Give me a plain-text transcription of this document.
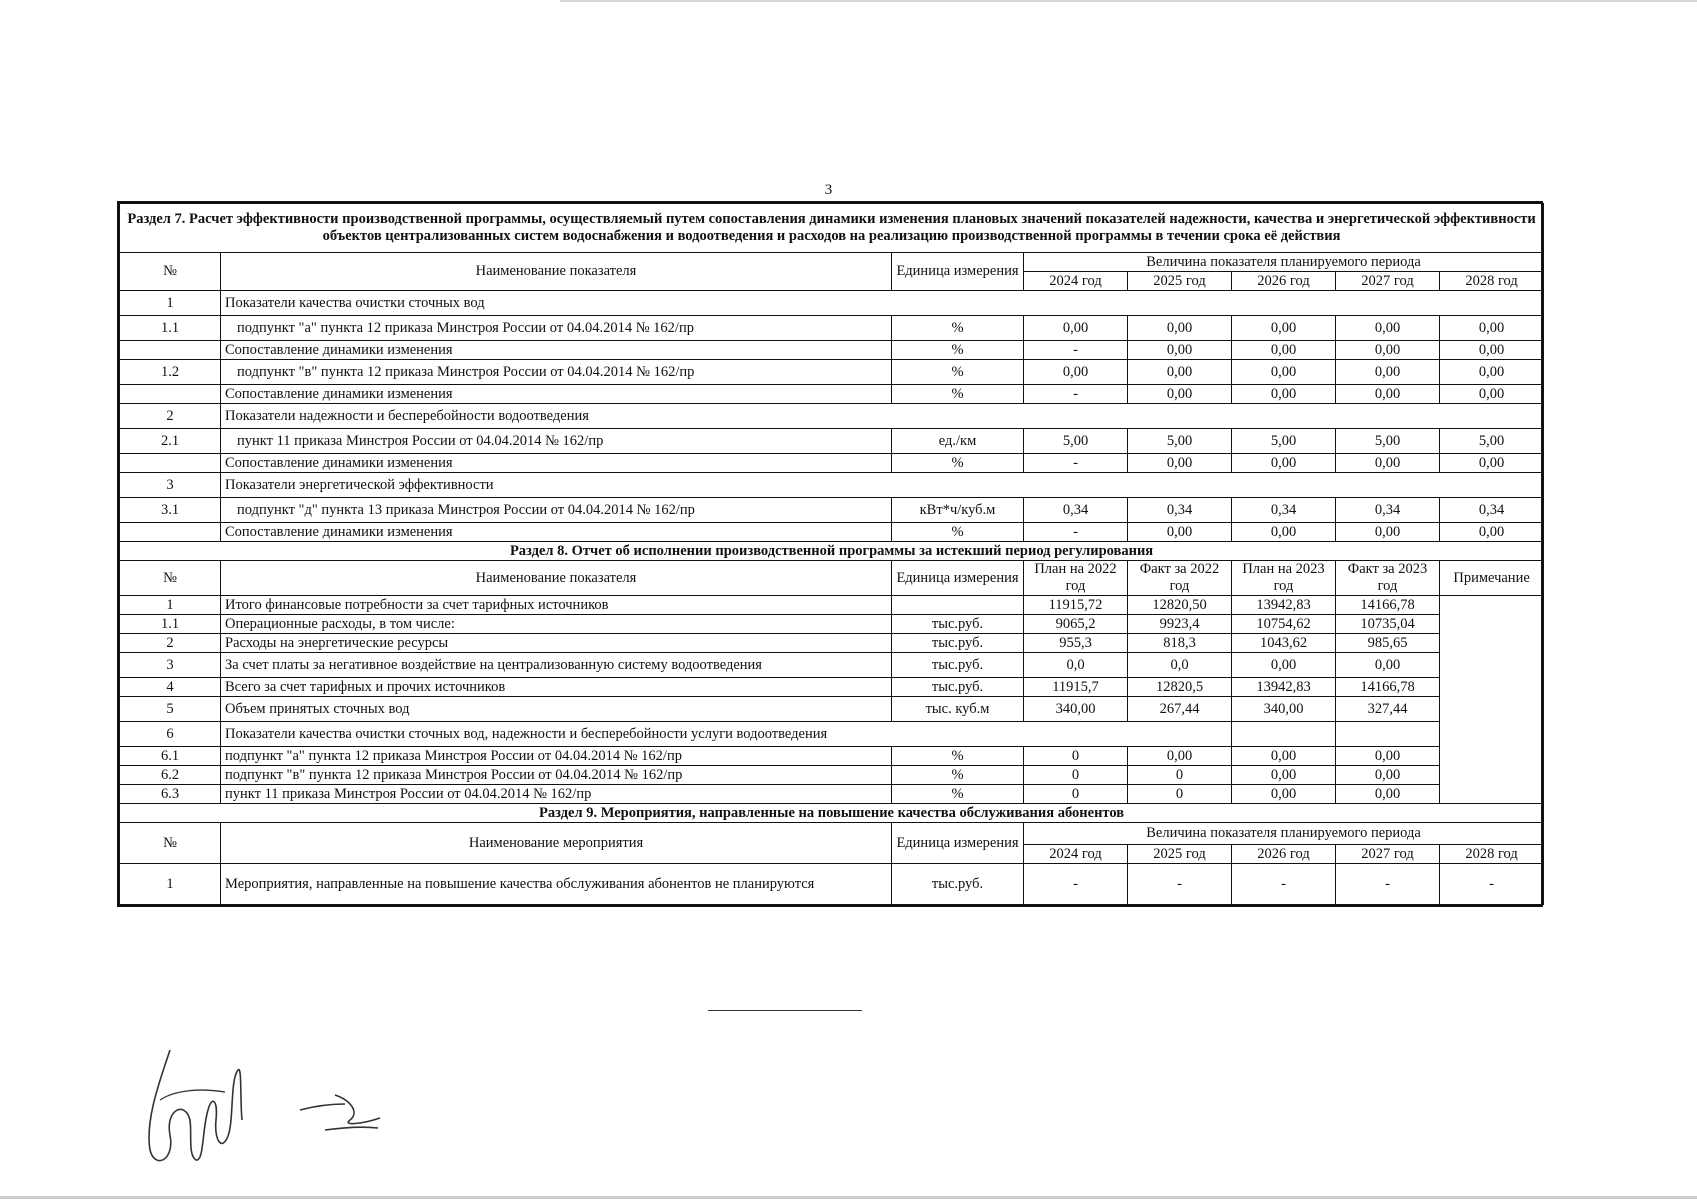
3
Раздел 7. Расчет эффективности производственной программы, осуществляемый путем сопоставления динамики изменения плановых значений показателей надежности, качества и энергетической эффективности объектов централизованных систем водоснабжения и водоотведения и расходов на реализацию производственной программы в течении срока её действия							
№	Наименование показателя	Единица измерения	Величина показателя планируемого периода				
			2024 год	2025 год	2026 год	2027 год	2028 год
1	Показатели качества очистки сточных вод						
1.1	подпункт "а" пункта 12 приказа Минстроя России от 04.04.2014 № 162/пр	%	0,00	0,00	0,00	0,00	0,00
	Сопоставление динамики изменения	%	-	0,00	0,00	0,00	0,00
1.2	подпункт "в" пункта 12 приказа Минстроя России от 04.04.2014 № 162/пр	%	0,00	0,00	0,00	0,00	0,00
	Сопоставление динамики изменения	%	-	0,00	0,00	0,00	0,00
2	Показатели надежности и бесперебойности водоотведения						
2.1	пункт 11 приказа Минстроя России от 04.04.2014 № 162/пр	ед./км	5,00	5,00	5,00	5,00	5,00
	Сопоставление динамики изменения	%	-	0,00	0,00	0,00	0,00
3	Показатели энергетической эффективности						
3.1	подпункт "д" пункта 13 приказа Минстроя России от 04.04.2014 № 162/пр	кВт*ч/куб.м	0,34	0,34	0,34	0,34	0,34
	Сопоставление динамики изменения	%	-	0,00	0,00	0,00	0,00
Раздел 8. Отчет об исполнении производственной программы за истекший период регулирования							
№	Наименование показателя	Единица измерения	План на 2022 год	Факт за 2022 год	План на 2023 год	Факт за 2023 год	Примечание
1	Итого финансовые потребности за счет тарифных источников		11915,72	12820,50	13942,83	14166,78	
1.1	Операционные расходы, в том числе:	тыс.руб.	9065,2	9923,4	10754,62	10735,04	
2	Расходы на энергетические ресурсы	тыс.руб.	955,3	818,3	1043,62	985,65	
3	За счет платы за негативное воздействие на централизованную систему водоотведения	тыс.руб.	0,0	0,0	0,00	0,00	
4	Всего за счет тарифных и прочих источников	тыс.руб.	11915,7	12820,5	13942,83	14166,78	
5	Объем принятых сточных вод	тыс. куб.м	340,00	267,44	340,00	327,44	
6	Показатели качества очистки сточных вод, надежности и бесперебойности услуги водоотведения						
6.1	подпункт "а" пункта 12 приказа Минстроя России от 04.04.2014 № 162/пр	%	0	0,00	0,00	0,00	
6.2	подпункт "в" пункта 12 приказа Минстроя России от 04.04.2014 № 162/пр	%	0	0	0,00	0,00	
6.3	пункт 11 приказа Минстроя России от 04.04.2014 № 162/пр	%	0	0	0,00	0,00	
Раздел 9. Мероприятия, направленные на повышение качества обслуживания абонентов							
№	Наименование мероприятия	Единица измерения	Величина показателя планируемого периода				
			2024 год	2025 год	2026 год	2027 год	2028 год
1	Мероприятия, направленные на повышение качества обслуживания абонентов не планируются	тыс.руб.	-	-	-	-	-
